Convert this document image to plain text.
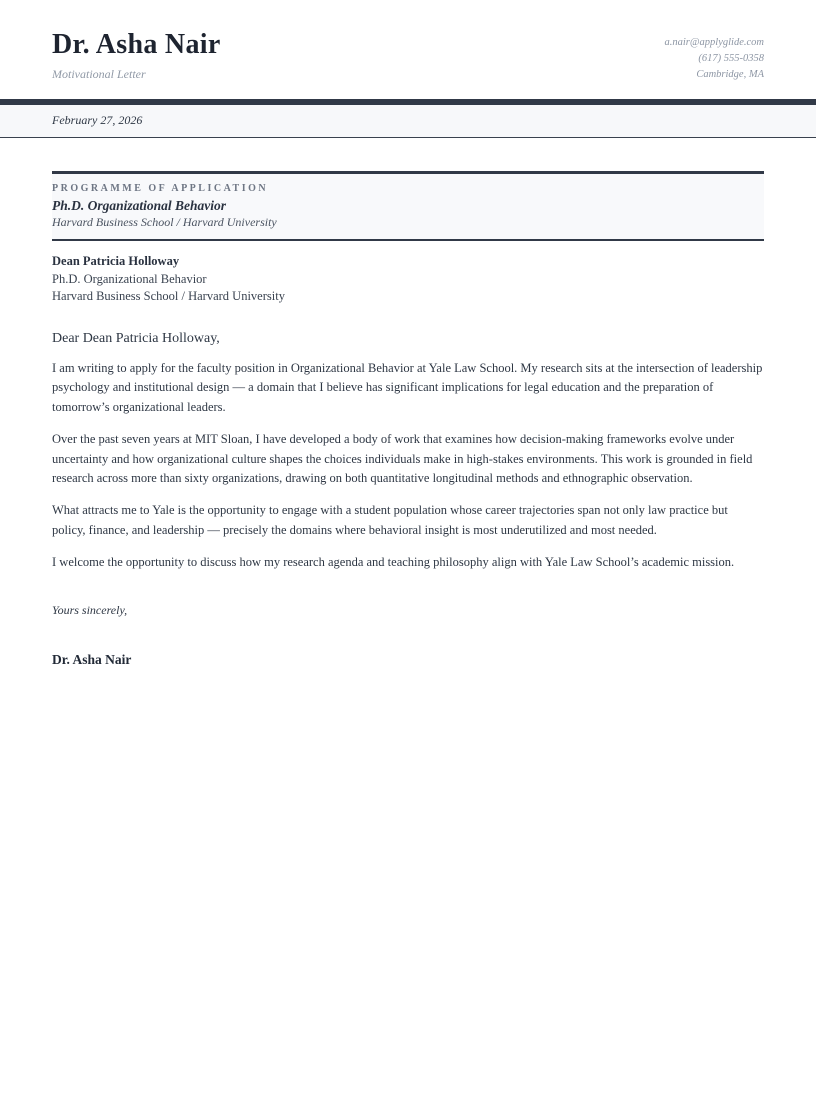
Dr. Asha Nair
Motivational Letter
a.nair@applyglide.com
(617) 555-0358
Cambridge, MA
February 27, 2026
PROGRAMME OF APPLICATION
Ph.D. Organizational Behavior
Harvard Business School / Harvard University
Dean Patricia Holloway
Ph.D. Organizational Behavior
Harvard Business School / Harvard University
Dear Dean Patricia Holloway,

I am writing to apply for the faculty position in Organizational Behavior at Yale Law School. My research sits at the intersection of leadership psychology and institutional design — a domain that I believe has significant implications for legal education and the preparation of tomorrow’s organizational leaders.

Over the past seven years at MIT Sloan, I have developed a body of work that examines how decision-making frameworks evolve under uncertainty and how organizational culture shapes the choices individuals make in high-stakes environments. This work is grounded in field research across more than sixty organizations, drawing on both quantitative longitudinal methods and ethnographic observation.

What attracts me to Yale is the opportunity to engage with a student population whose career trajectories span not only law practice but policy, finance, and leadership — precisely the domains where behavioral insight is most underutilized and most needed.

I welcome the opportunity to discuss how my research agenda and teaching philosophy align with Yale Law School’s academic mission.

Yours sincerely,
Dr. Asha Nair
